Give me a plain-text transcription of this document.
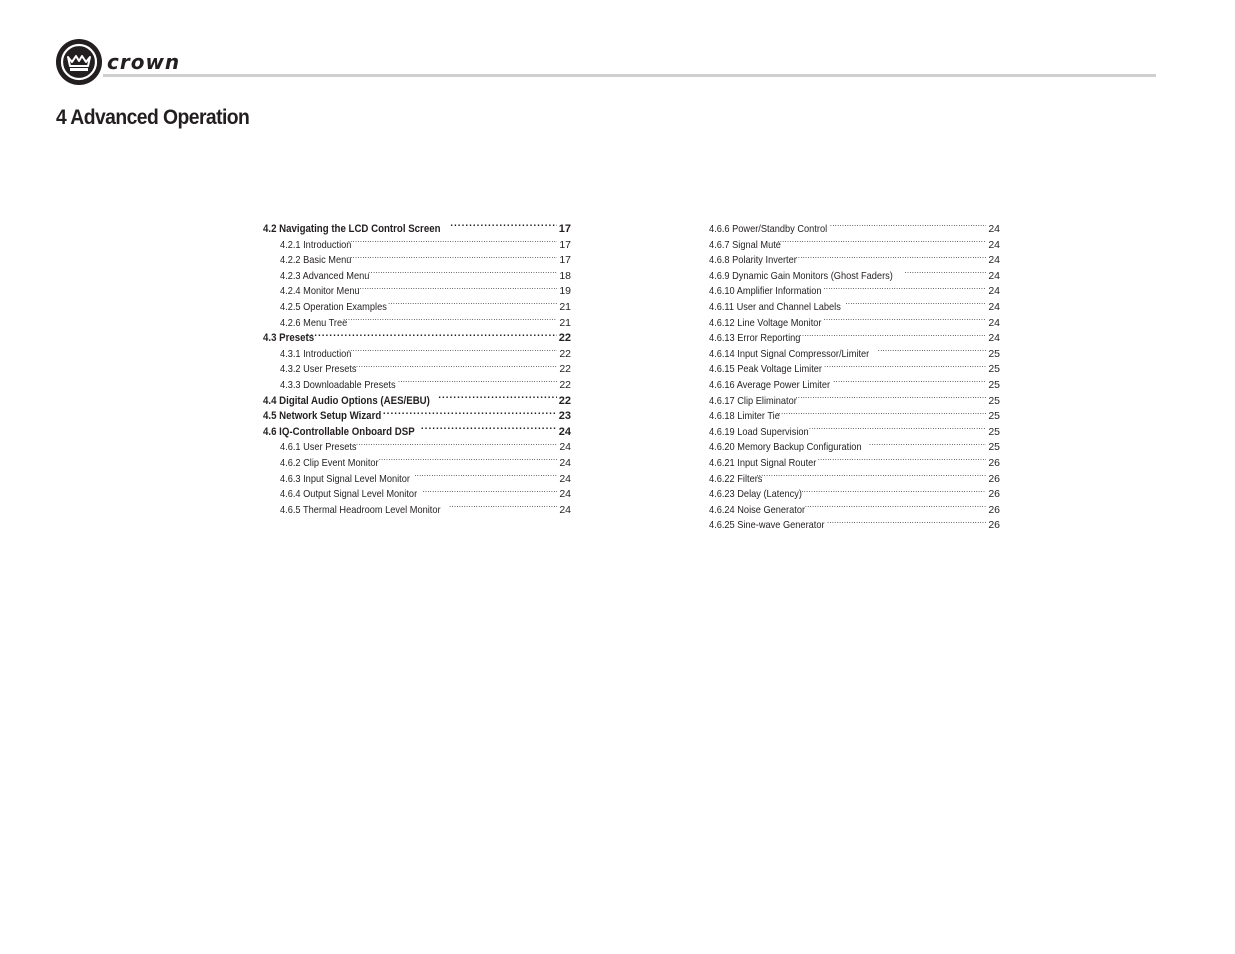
crown
4 Advanced Operation
4.2 Navigating the LCD Control Screen .....	17
4.2.1 Introduction .....	17
4.2.2 Basic Menu .....	17
4.2.3 Advanced Menu .....	18
4.2.4 Monitor Menu .....	19
4.2.5 Operation Examples .....	21
4.2.6 Menu Tree .....	21
4.3 Presets .....	22
4.3.1 Introduction .....	22
4.3.2 User Presets .....	22
4.3.3 Downloadable Presets .....	22
4.4 Digital Audio Options (AES/EBU) .....	22
4.5 Network Setup Wizard .....	23
4.6 IQ-Controllable Onboard DSP .....	24
4.6.1 User Presets .....	24
4.6.2 Clip Event Monitor .....	24
4.6.3 Input Signal Level Monitor .....	24
4.6.4 Output Signal Level Monitor .....	24
4.6.5 Thermal Headroom Level Monitor .....	24
4.6.6 Power/Standby Control .....	24
4.6.7 Signal Mute .....	24
4.6.8 Polarity Inverter .....	24
4.6.9 Dynamic Gain Monitors (Ghost Faders) .....	24
4.6.10 Amplifier Information .....	24
4.6.11 User and Channel Labels .....	24
4.6.12 Line Voltage Monitor .....	24
4.6.13 Error Reporting .....	24
4.6.14 Input Signal Compressor/Limiter .....	25
4.6.15 Peak Voltage Limiter .....	25
4.6.16 Average Power Limiter .....	25
4.6.17 Clip Eliminator .....	25
4.6.18 Limiter Tie .....	25
4.6.19 Load Supervision .....	25
4.6.20 Memory Backup Configuration .....	25
4.6.21 Input Signal Router .....	26
4.6.22 Filters .....	26
4.6.23 Delay (Latency) .....	26
4.6.24 Noise Generator .....	26
4.6.25 Sine-wave Generator .....	26
